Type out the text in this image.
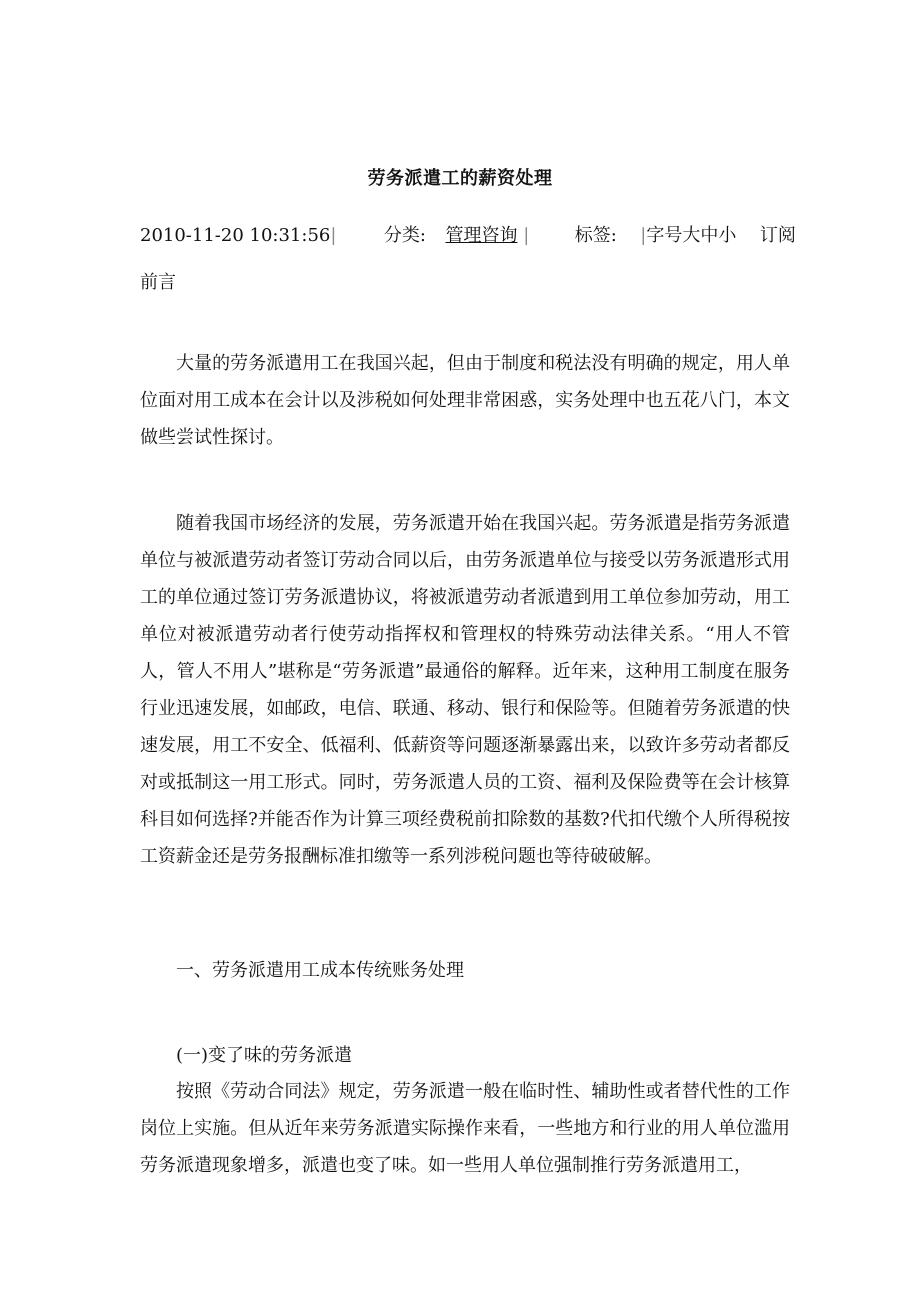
劳务派遣工的薪资处理
2010-11-20 10:31:56|	分类: 管理咨询 |	标签: |字号大中小 订阅
前言

大量的劳务派遣用工在我国兴起，但由于制度和税法没有明确的规定，用人单位面对用工成本在会计以及涉税如何处理非常困惑，实务处理中也五花八门，本文做些尝试性探讨。

随着我国市场经济的发展，劳务派遣开始在我国兴起。劳务派遣是指劳务派遣单位与被派遣劳动者签订劳动合同以后，由劳务派遣单位与接受以劳务派遣形式用工的单位通过签订劳务派遣协议，将被派遣劳动者派遣到用工单位参加劳动，用工单位对被派遣劳动者行使劳动指挥权和管理权的特殊劳动法律关系。“用人不管人，管人不用人”堪称是“劳务派遣”最通俗的解释。近年来，这种用工制度在服务行业迅速发展，如邮政，电信、联通、移动、银行和保险等。但随着劳务派遣的快速发展，用工不安全、低福利、低薪资等问题逐渐暴露出来，以致许多劳动者都反对或抵制这一用工形式。同时，劳务派遣人员的工资、福利及保险费等在会计核算科目如何选择?并能否作为计算三项经费税前扣除数的基数?代扣代缴个人所得税按工资薪金还是劳务报酬标准扣缴等一系列涉税问题也等待破破解。

一、劳务派遣用工成本传统账务处理
(一)变了味的劳务派遣

按照《劳动合同法》规定，劳务派遣一般在临时性、辅助性或者替代性的工作岗位上实施。但从近年来劳务派遣实际操作来看，一些地方和行业的用人单位滥用劳务派遣现象增多，派遣也变了味。如一些用人单位强制推行劳务派遣用工，
